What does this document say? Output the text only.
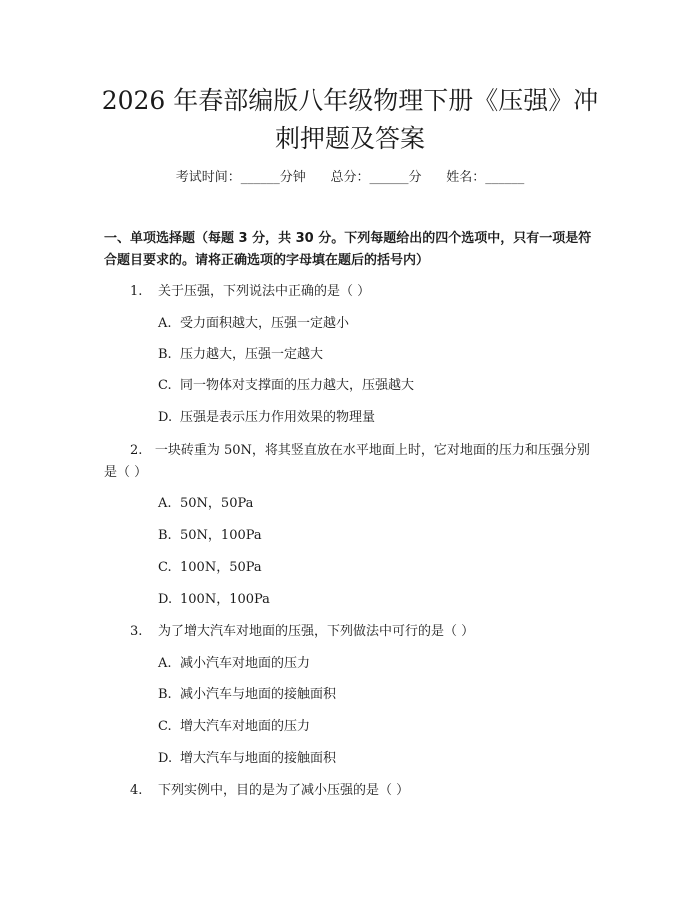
2026 年春部编版八年级物理下册《压强》冲
刺押题及答案
考试时间：______分钟      总分：______分      姓名：______
一、单项选择题（每题 3 分，共 30 分。下列每题给出的四个选项中，只有一项是符合题目要求的。请将正确选项的字母填在题后的括号内）
1.	关于压强，下列说法中正确的是（ ）
A. 受力面积越大，压强一定越小
B. 压力越大，压强一定越大
C. 同一物体对支撑面的压力越大，压强越大
D. 压强是表示压力作用效果的物理量
2. 一块砖重为 50N，将其竖直放在水平地面上时，它对地面的压力和压强分别是（ ）
A. 50N，50Pa
B. 50N，100Pa
C. 100N，50Pa
D. 100N，100Pa
3.	为了增大汽车对地面的压强，下列做法中可行的是（ ）
A. 减小汽车对地面的压力
B. 减小汽车与地面的接触面积
C. 增大汽车对地面的压力
D. 增大汽车与地面的接触面积
4.	下列实例中，目的是为了减小压强的是（ ）
